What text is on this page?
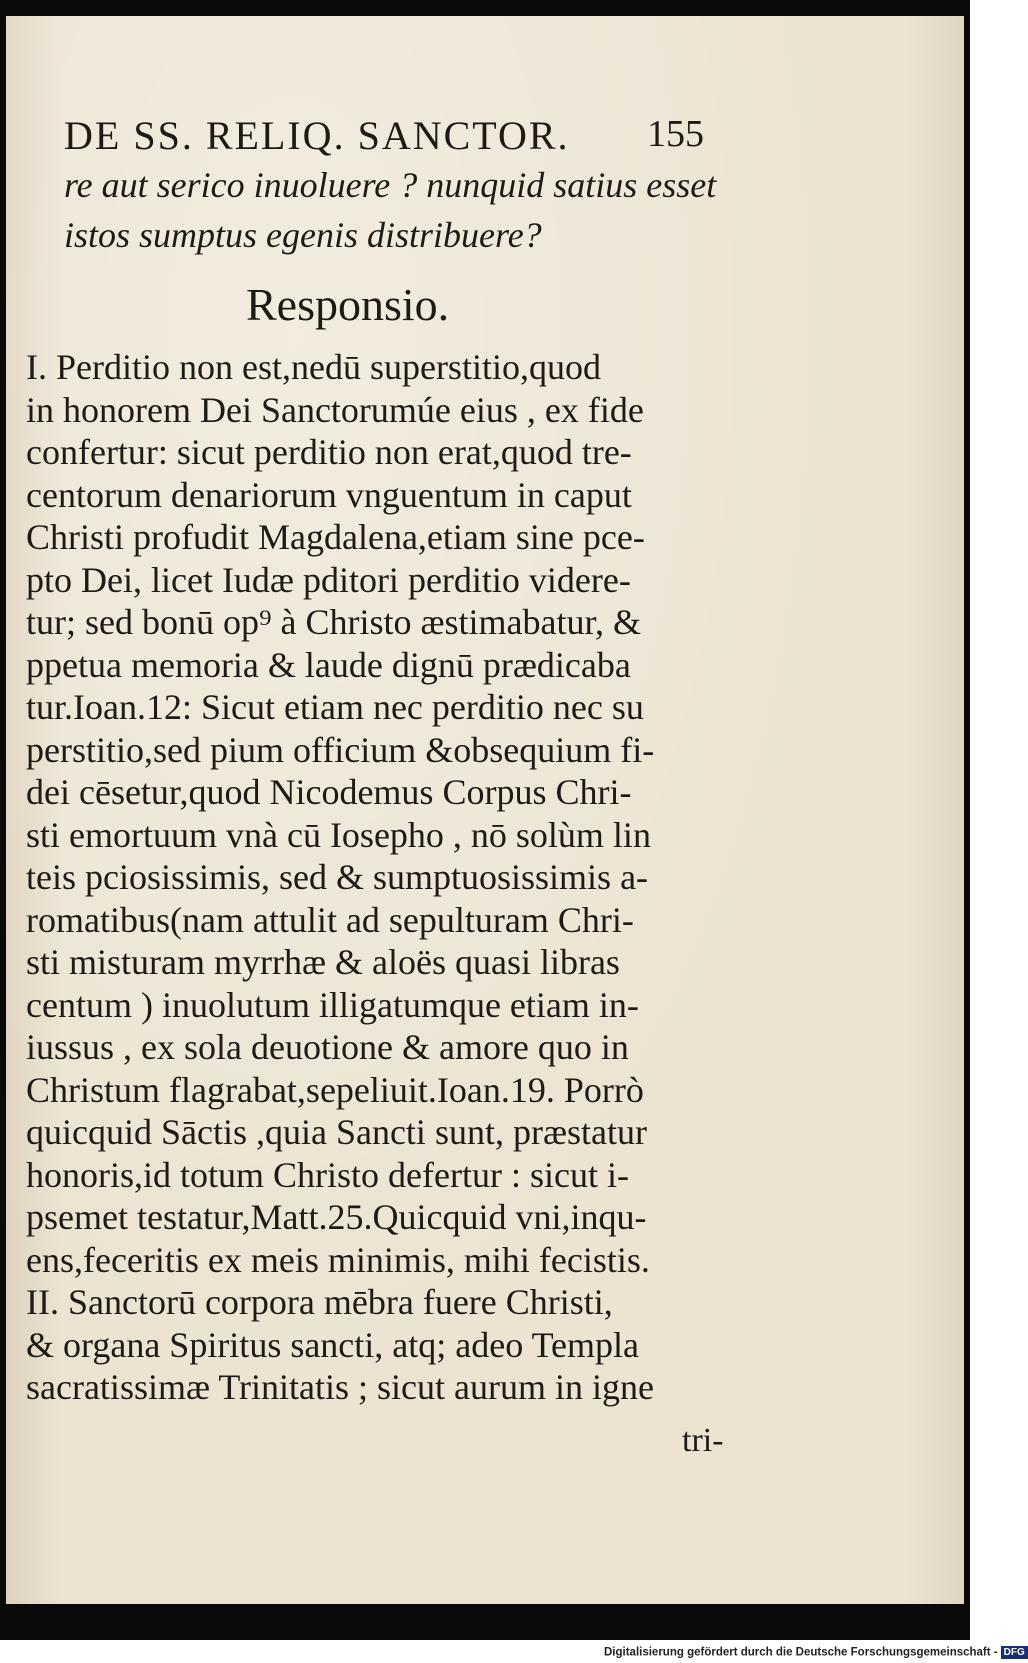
DE SS. RELIQ. SANCTOR. 155
re aut serico inuoluere ? nunquid satius esset
istos sumptus egenis distribuere?
Responsio.
I. Perditio non est,nedū superstitio,quod
in honorem Dei Sanctorumúe eius , ex fide
confertur: sicut perditio non erat,quod tre-
centorum denariorum vnguentum in caput
Christi profudit Magdalena,etiam sine pce-
pto Dei, licet Iudæ pditori perditio videre-
tur; sed bonū op⁹ à Christo æstimabatur, &
ppetua memoria & laude dignū prædicaba
tur.Ioan.12: Sicut etiam nec perditio nec su
perstitio,sed pium officium &obsequium fi-
dei cēsetur,quod Nicodemus Corpus Chri-
sti emortuum vnà cū Iosepho , nō solùm lin
teis pciosissimis, sed & sumptuosissimis a-
romatibus(nam attulit ad sepulturam Chri-
sti misturam myrrhæ & aloës quasi libras
centum ) inuolutum illigatumque etiam in-
iussus , ex sola deuotione & amore quo in
Christum flagrabat,sepeliuit.Ioan.19. Porrò
quicquid Sāctis ,quia Sancti sunt, præstatur
honoris,id totum Christo defertur : sicut i-
psemet testatur,Matt.25.Quicquid vni,inqu-
ens,feceritis ex meis minimis, mihi fecistis.
II. Sanctorū corpora mēbra fuere Christi,
& organa Spiritus sancti, atq; adeo Templa
sacratissimæ Trinitatis ; sicut aurum in igne
tri-
Digitalisierung gefördert durch die Deutsche Forschungsgemeinschaft - DFG
